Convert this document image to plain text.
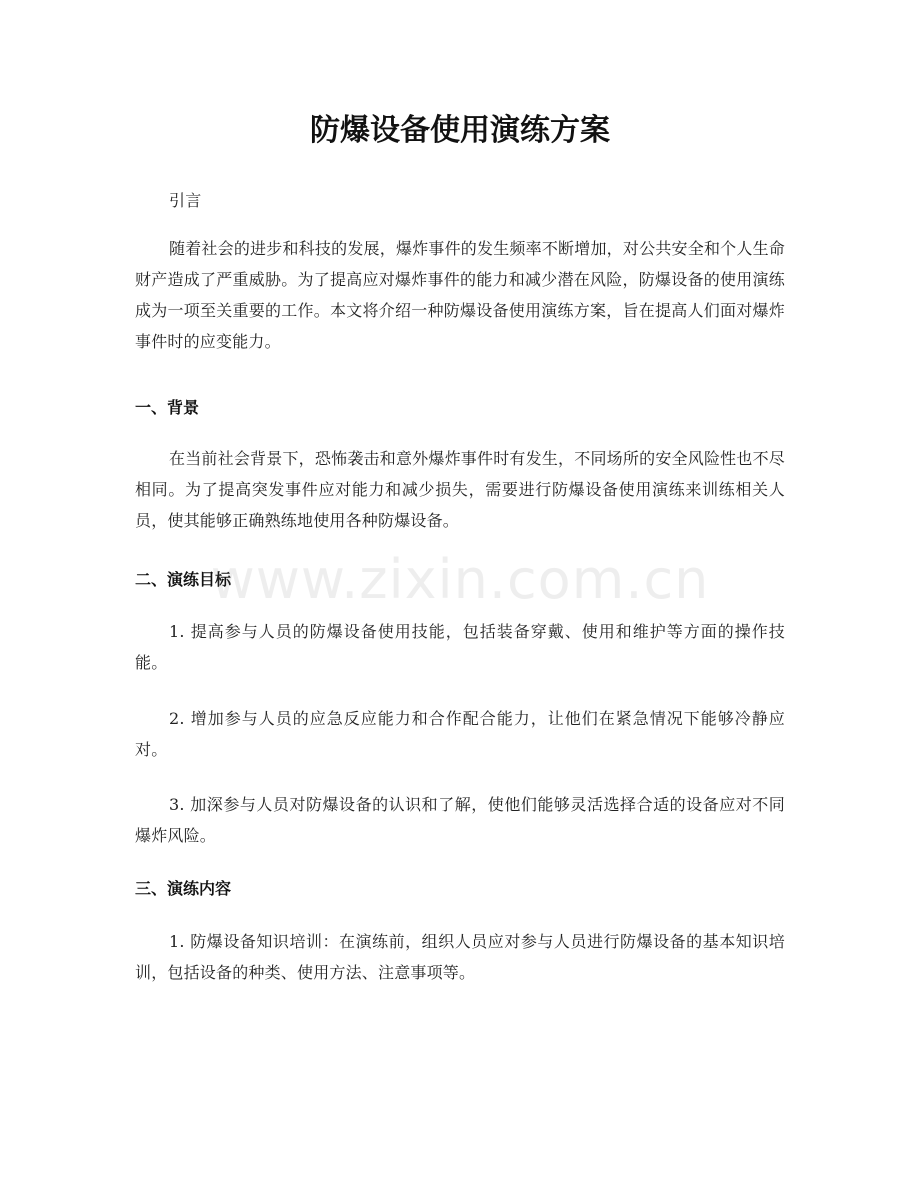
防爆设备使用演练方案

引言

随着社会的进步和科技的发展，爆炸事件的发生频率不断增加，对公共安全和个人生命财产造成了严重威胁。为了提高应对爆炸事件的能力和减少潜在风险，防爆设备的使用演练成为一项至关重要的工作。本文将介绍一种防爆设备使用演练方案，旨在提高人们面对爆炸事件时的应变能力。

一、背景

在当前社会背景下，恐怖袭击和意外爆炸事件时有发生，不同场所的安全风险性也不尽相同。为了提高突发事件应对能力和减少损失，需要进行防爆设备使用演练来训练相关人员，使其能够正确熟练地使用各种防爆设备。

二、演练目标

1. 提高参与人员的防爆设备使用技能，包括装备穿戴、使用和维护等方面的操作技能。

2. 增加参与人员的应急反应能力和合作配合能力，让他们在紧急情况下能够冷静应对。

3. 加深参与人员对防爆设备的认识和了解，使他们能够灵活选择合适的设备应对不同爆炸风险。

三、演练内容

1. 防爆设备知识培训：在演练前，组织人员应对参与人员进行防爆设备的基本知识培训，包括设备的种类、使用方法、注意事项等。

www.zixin.com.cn
